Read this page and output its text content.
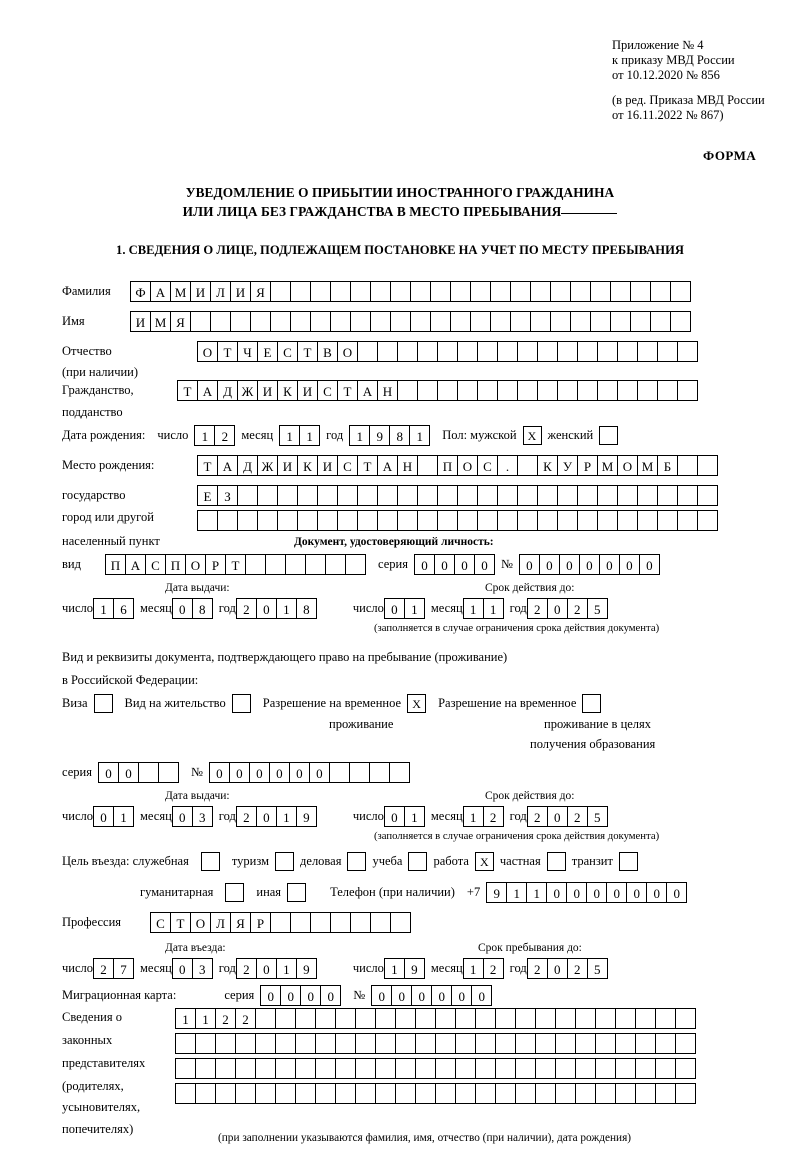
Приложение № 4
к приказу МВД России
от 10.12.2020 № 856
(в ред. Приказа МВД России
от 16.11.2022 № 867)
ФОРМА
УВЕДОМЛЕНИЕ О ПРИБЫТИИ ИНОСТРАННОГО ГРАЖДАНИНА
ИЛИ ЛИЦА БЕЗ ГРАЖДАНСТВА В МЕСТО ПРЕБЫВАНИЯ
1. СВЕДЕНИЯ О ЛИЦЕ, ПОДЛЕЖАЩЕМ ПОСТАНОВКЕ НА УЧЕТ ПО МЕСТУ ПРЕБЫВАНИЯ
Фамилия	Ф А М И Л И Я
Имя	И М Я
Отчество	О Т Ч Е С Т В О
(при наличии)
Гражданство,	Т А Д Ж И К И С Т А Н
подданство
Дата рождения: число	1	2	месяц	1	1	год	1	9	8	1	Пол: мужской Х женский
Место рождения:	Т А Д Ж И К И С Т А Н	П О С	.	К У Р М О М Б
государство	Е З
город или другой
населенный пункт	Документ, удостоверяющий личность:
вид	П А С П О Р Т	серия	0	0	0	0	№	0	0	0	0	0	0	0
Дата выдачи:	Срок действия до:
число 1	6	месяц 0	8	год 2	0	1	8	число 0	1	месяц 1	1	год 2	0	2	5
(заполняется в случае ограничения срока действия документа)
Вид и реквизиты документа, подтверждающего право на пребывание (проживание)
в Российской Федерации:
Виза	Вид на жительство	Разрешение на временное Х	Разрешение на временное
проживание	проживание в целях
получения образования
серия	0	0	№	0	0	0	0	0	0
Дата выдачи:	Срок действия до:
число 0	1	месяц 0	3	год 2	0	1	9	число 0	1	месяц 1	2	год 2	0	2	5
(заполняется в случае ограничения срока действия документа)
Цель въезда: служебная	туризм деловая учеба работа Х частная транзит
гуманитарная	иная	Телефон (при наличии) +7	9	1	1	0	0	0	0	0	0	0
Профессия	С Т О Л Я Р
Дата въезда:	Срок пребывания до:
число 2	7	месяц 0	3	год 2	0	1	9	число 1	9	месяц 1	2	год 2	0	2	5
Миграционная карта:	серия	0	0	0	0	№	0	0	0	0	0	0
Сведения о
законных
представителях
(родителях,
усыновителях,
попечителях)
1	1	2	2
(при заполнении указываются фамилия, имя, отчество (при наличии), дата рождения)
